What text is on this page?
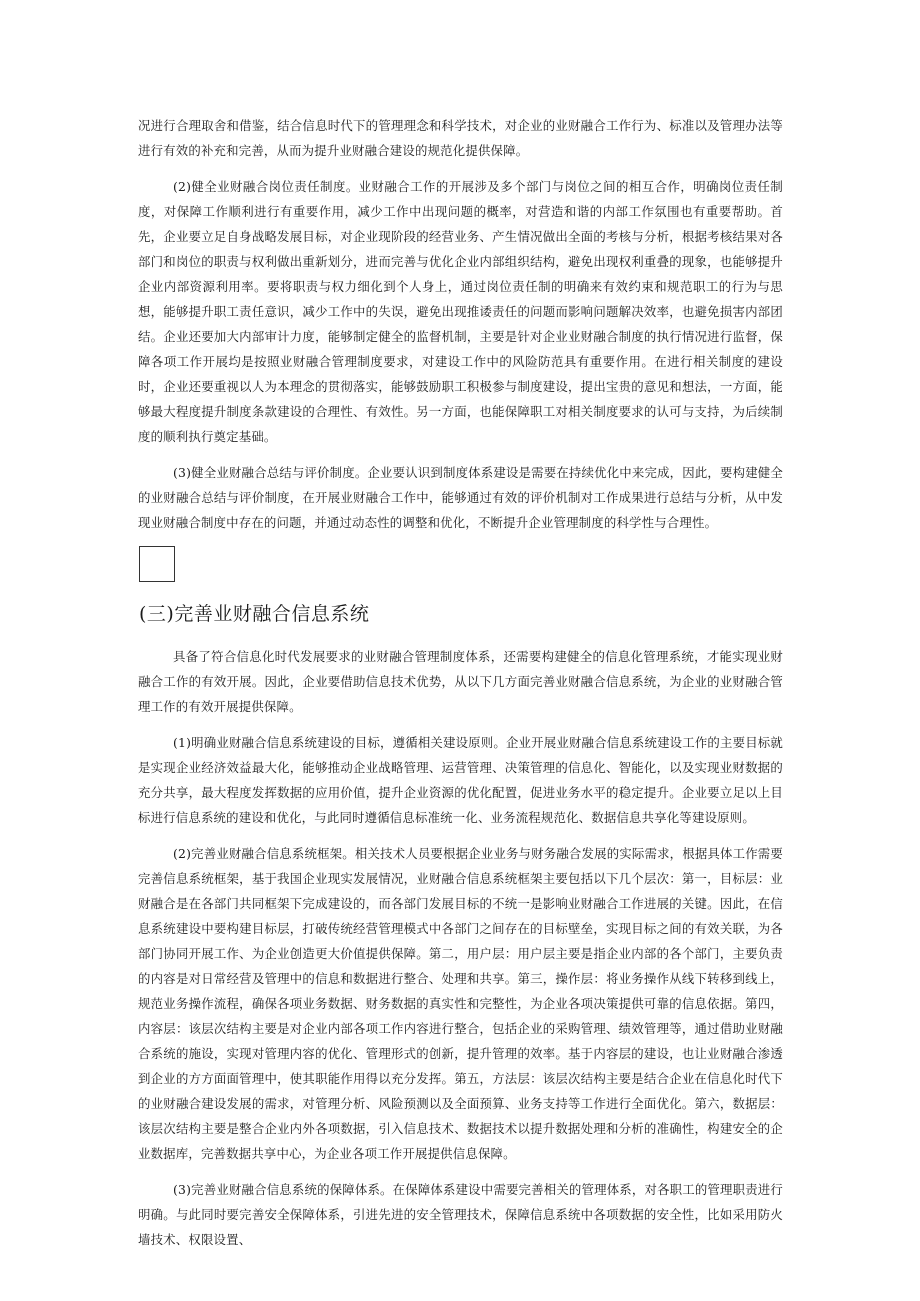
况进行合理取舍和借鉴，结合信息时代下的管理理念和科学技术，对企业的业财融合工作行为、标准以及管理办法等进行有效的补充和完善，从而为提升业财融合建设的规范化提供保障。

(2)健全业财融合岗位责任制度。业财融合工作的开展涉及多个部门与岗位之间的相互合作，明确岗位责任制度，对保障工作顺利进行有重要作用，减少工作中出现问题的概率，对营造和谐的内部工作氛围也有重要帮助。首先，企业要立足自身战略发展目标，对企业现阶段的经营业务、产生情况做出全面的考核与分析，根据考核结果对各部门和岗位的职责与权利做出重新划分，进而完善与优化企业内部组织结构，避免出现权利重叠的现象，也能够提升企业内部资源利用率。要将职责与权力细化到个人身上，通过岗位责任制的明确来有效约束和规范职工的行为与思想，能够提升职工责任意识，减少工作中的失误，避免出现推诿责任的问题而影响问题解决效率，也避免损害内部团结。企业还要加大内部审计力度，能够制定健全的监督机制，主要是针对企业业财融合制度的执行情况进行监督，保障各项工作开展均是按照业财融合管理制度要求，对建设工作中的风险防范具有重要作用。在进行相关制度的建设时，企业还要重视以人为本理念的贯彻落实，能够鼓励职工积极参与制度建设，提出宝贵的意见和想法，一方面，能够最大程度提升制度条款建设的合理性、有效性。另一方面，也能保障职工对相关制度要求的认可与支持，为后续制度的顺利执行奠定基础。

(3)健全业财融合总结与评价制度。企业要认识到制度体系建设是需要在持续优化中来完成，因此，要构建健全的业财融合总结与评价制度，在开展业财融合工作中，能够通过有效的评价机制对工作成果进行总结与分析，从中发现业财融合制度中存在的问题，并通过动态性的调整和优化，不断提升企业管理制度的科学性与合理性。

(三)完善业财融合信息系统

具备了符合信息化时代发展要求的业财融合管理制度体系，还需要构建健全的信息化管理系统，才能实现业财融合工作的有效开展。因此，企业要借助信息技术优势，从以下几方面完善业财融合信息系统，为企业的业财融合管理工作的有效开展提供保障。

(1)明确业财融合信息系统建设的目标，遵循相关建设原则。企业开展业财融合信息系统建设工作的主要目标就是实现企业经济效益最大化，能够推动企业战略管理、运营管理、决策管理的信息化、智能化，以及实现业财数据的充分共享，最大程度发挥数据的应用价值，提升企业资源的优化配置，促进业务水平的稳定提升。企业要立足以上目标进行信息系统的建设和优化，与此同时遵循信息标准统一化、业务流程规范化、数据信息共享化等建设原则。

(2)完善业财融合信息系统框架。相关技术人员要根据企业业务与财务融合发展的实际需求，根据具体工作需要完善信息系统框架，基于我国企业现实发展情况，业财融合信息系统框架主要包括以下几个层次：第一，目标层：业财融合是在各部门共同框架下完成建设的，而各部门发展目标的不统一是影响业财融合工作进展的关键。因此，在信息系统建设中要构建目标层，打破传统经营管理模式中各部门之间存在的目标壁垒，实现目标之间的有效关联，为各部门协同开展工作、为企业创造更大价值提供保障。第二，用户层：用户层主要是指企业内部的各个部门，主要负责的内容是对日常经营及管理中的信息和数据进行整合、处理和共享。第三，操作层：将业务操作从线下转移到线上，规范业务操作流程，确保各项业务数据、财务数据的真实性和完整性，为企业各项决策提供可靠的信息依据。第四，内容层：该层次结构主要是对企业内部各项工作内容进行整合，包括企业的采购管理、绩效管理等，通过借助业财融合系统的施设，实现对管理内容的优化、管理形式的创新，提升管理的效率。基于内容层的建设，也让业财融合渗透到企业的方方面面管理中，使其职能作用得以充分发挥。第五，方法层：该层次结构主要是结合企业在信息化时代下的业财融合建设发展的需求，对管理分析、风险预测以及全面预算、业务支持等工作进行全面优化。第六，数据层：该层次结构主要是整合企业内外各项数据，引入信息技术、数据技术以提升数据处理和分析的准确性，构建安全的企业数据库，完善数据共享中心，为企业各项工作开展提供信息保障。

(3)完善业财融合信息系统的保障体系。在保障体系建设中需要完善相关的管理体系，对各职工的管理职责进行明确。与此同时要完善安全保障体系，引进先进的安全管理技术，保障信息系统中各项数据的安全性，比如采用防火墙技术、权限设置、
